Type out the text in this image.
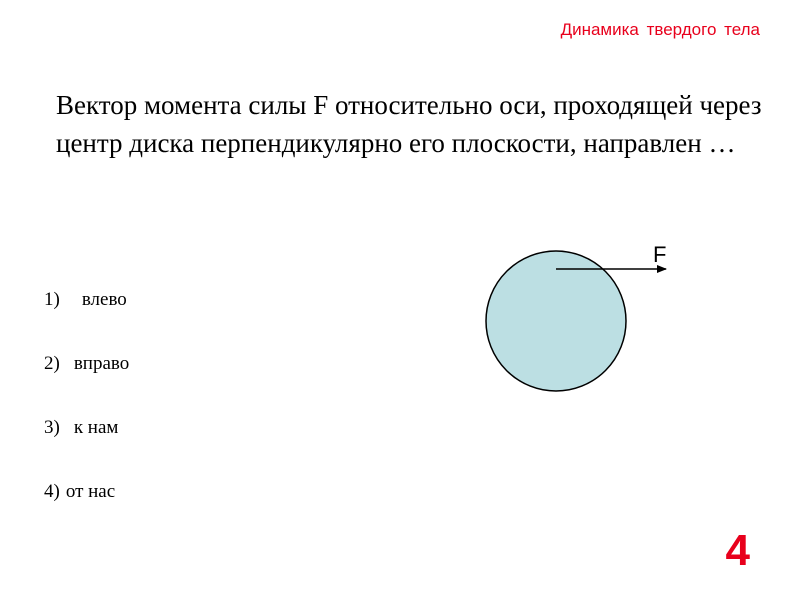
Динамика твердого тела
Вектор момента силы F относительно оси, проходящей через центр диска перпендикулярно его плоскости, направлен …
1) влево
2) вправо
3) к нам
4) от нас
F
4
